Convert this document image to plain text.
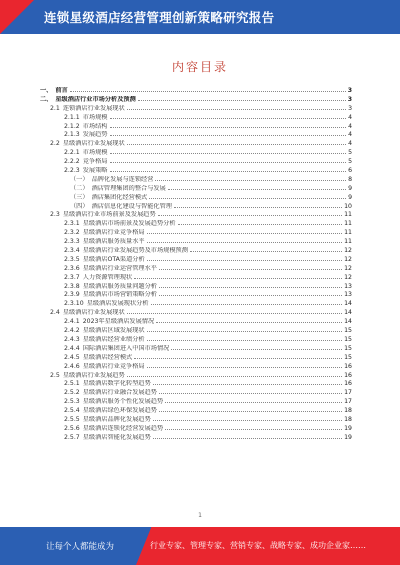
连锁星级酒店经营管理创新策略研究报告
内容目录
一、 前言	3
二、 星级酒店行业市场分析及预测	3
2.1 连锁酒店行业发展现状	3
2.1.1 市场规模	4
2.1.2 市场结构	4
2.1.3 发展趋势	4
2.2 星级酒店行业发展现状	4
2.2.1 市场规模	5
2.2.2 竞争格局	5
2.2.3 发展策略	6
（一） 品牌化发展与连锁经营	8
（二） 酒店管理集团的整合与发展	9
（三） 酒店集团化经营模式	9
（四） 酒店信息化建设与智能化管理	10
2.3 星级酒店行业市场前景及发展趋势	11
2.3.1 星级酒店市场前景及发展趋势分析	11
2.3.2 星级酒店行业竞争格局	11
2.3.3 星级酒店服务质量水平	11
2.3.4 星级酒店行业发展趋势及市场规模预测	12
2.3.5 星级酒店OTA渠道分析	12
2.3.6 星级酒店行业运营管理水平	12
2.3.7 人力资源管理现状	12
2.3.8 星级酒店服务质量问题分析	13
2.3.9 星级酒店市场营销策略分析	13
2.3.10 星级酒店发展现状分析	14
2.4 星级酒店行业发展现状	14
2.4.1 2023年星级酒店发展情况	14
2.4.2 星级酒店区域发展现状	15
2.4.3 星级酒店经营业绩分析	15
2.4.4 国际酒店集团进入中国市场情况	15
2.4.5 星级酒店经营模式	15
2.4.6 星级酒店行业竞争格局	16
2.5 星级酒店行业发展趋势	16
2.5.1 星级酒店数字化转型趋势	16
2.5.2 星级酒店行业融合发展趋势	17
2.5.3 星级酒店服务个性化发展趋势	17
2.5.4 星级酒店绿色环保发展趋势	18
2.5.5 星级酒店品牌化发展趋势	18
2.5.6 星级酒店连锁化经营发展趋势	19
2.5.7 星级酒店智能化发展趋势	19
1
让每个人都能成为	行业专家、管理专家、营销专家、战略专家、成功企业家……
